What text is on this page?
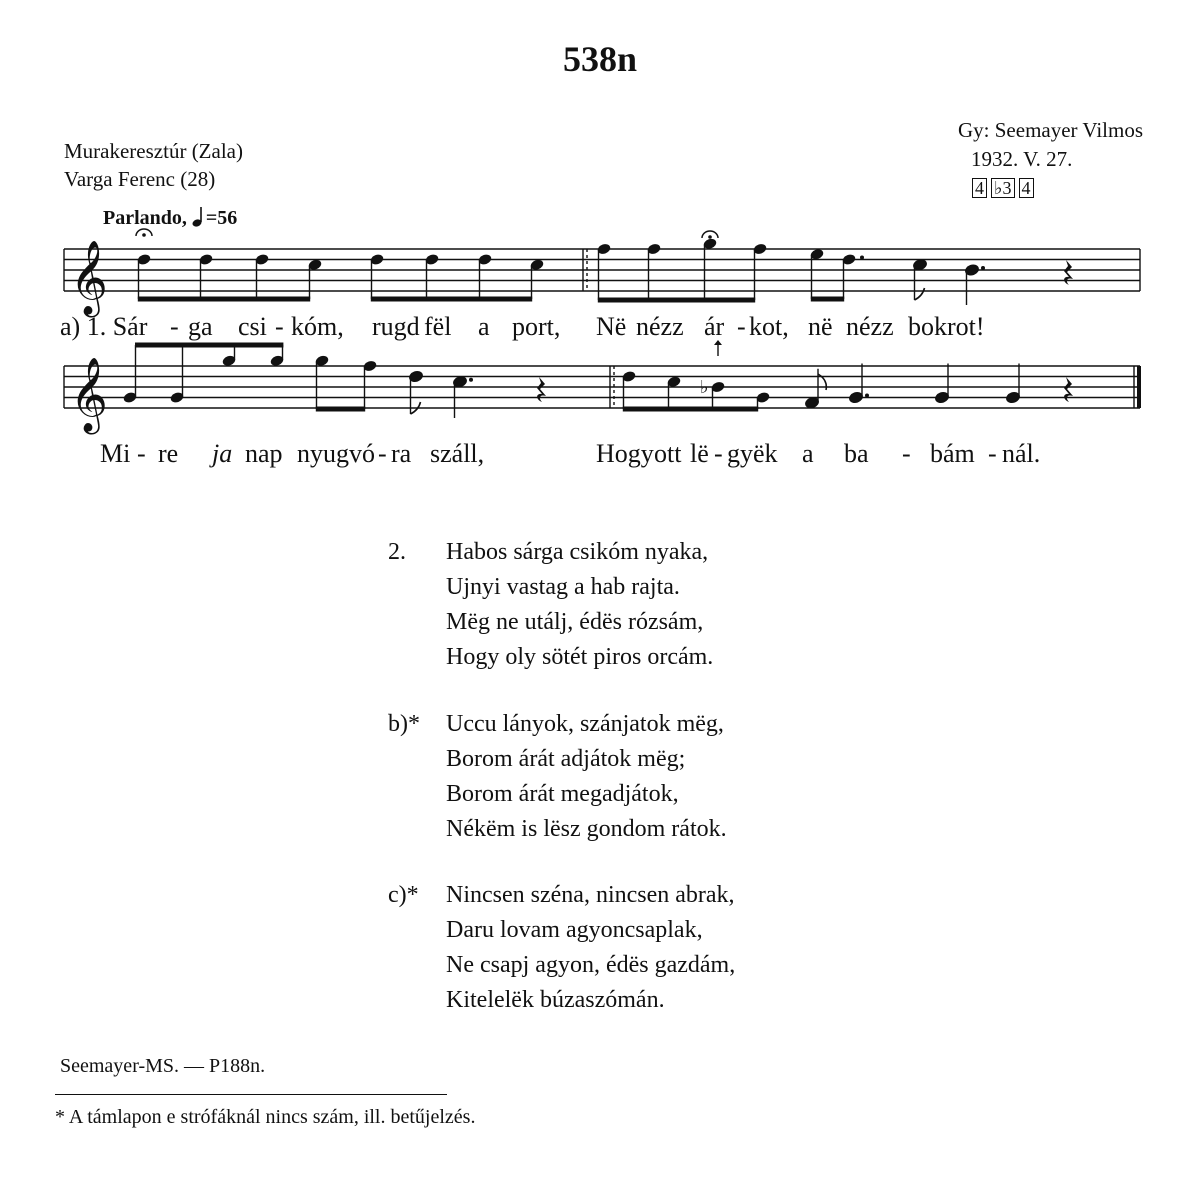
538n
Murakeresztúr (Zala)
Varga Ferenc (28)
Gy: Seemayer Vilmos
1932. V. 27.
4 ♭3 4
Parlando, =56
𝄞
𝄞	♭
a) 1. Sár - ga csi - kóm, rugd fël a port, Në nézz ár - kot, në nézz bokrot!
Mi - re ja nap nyugvó - ra száll,	Hogy ott lë - gyëk a ba - bám - nál.
2. Habos sárga csikóm nyaka,
Ujnyi vastag a hab rajta.
Mëg ne utálj, édës rózsám,
Hogy oly sötét piros orcám.
b)* Uccu lányok, szánjatok mëg,
Borom árát adjátok mëg;
Borom árát megadjátok,
Nékëm is lësz gondom rátok.
c)* Nincsen széna, nincsen abrak,
Daru lovam agyoncsaplak,
Ne csapj agyon, édës gazdám,
Kitelelëk búzaszómán.
Seemayer-MS. — P188n.
* A támlapon e strófáknál nincs szám, ill. betűjelzés.
